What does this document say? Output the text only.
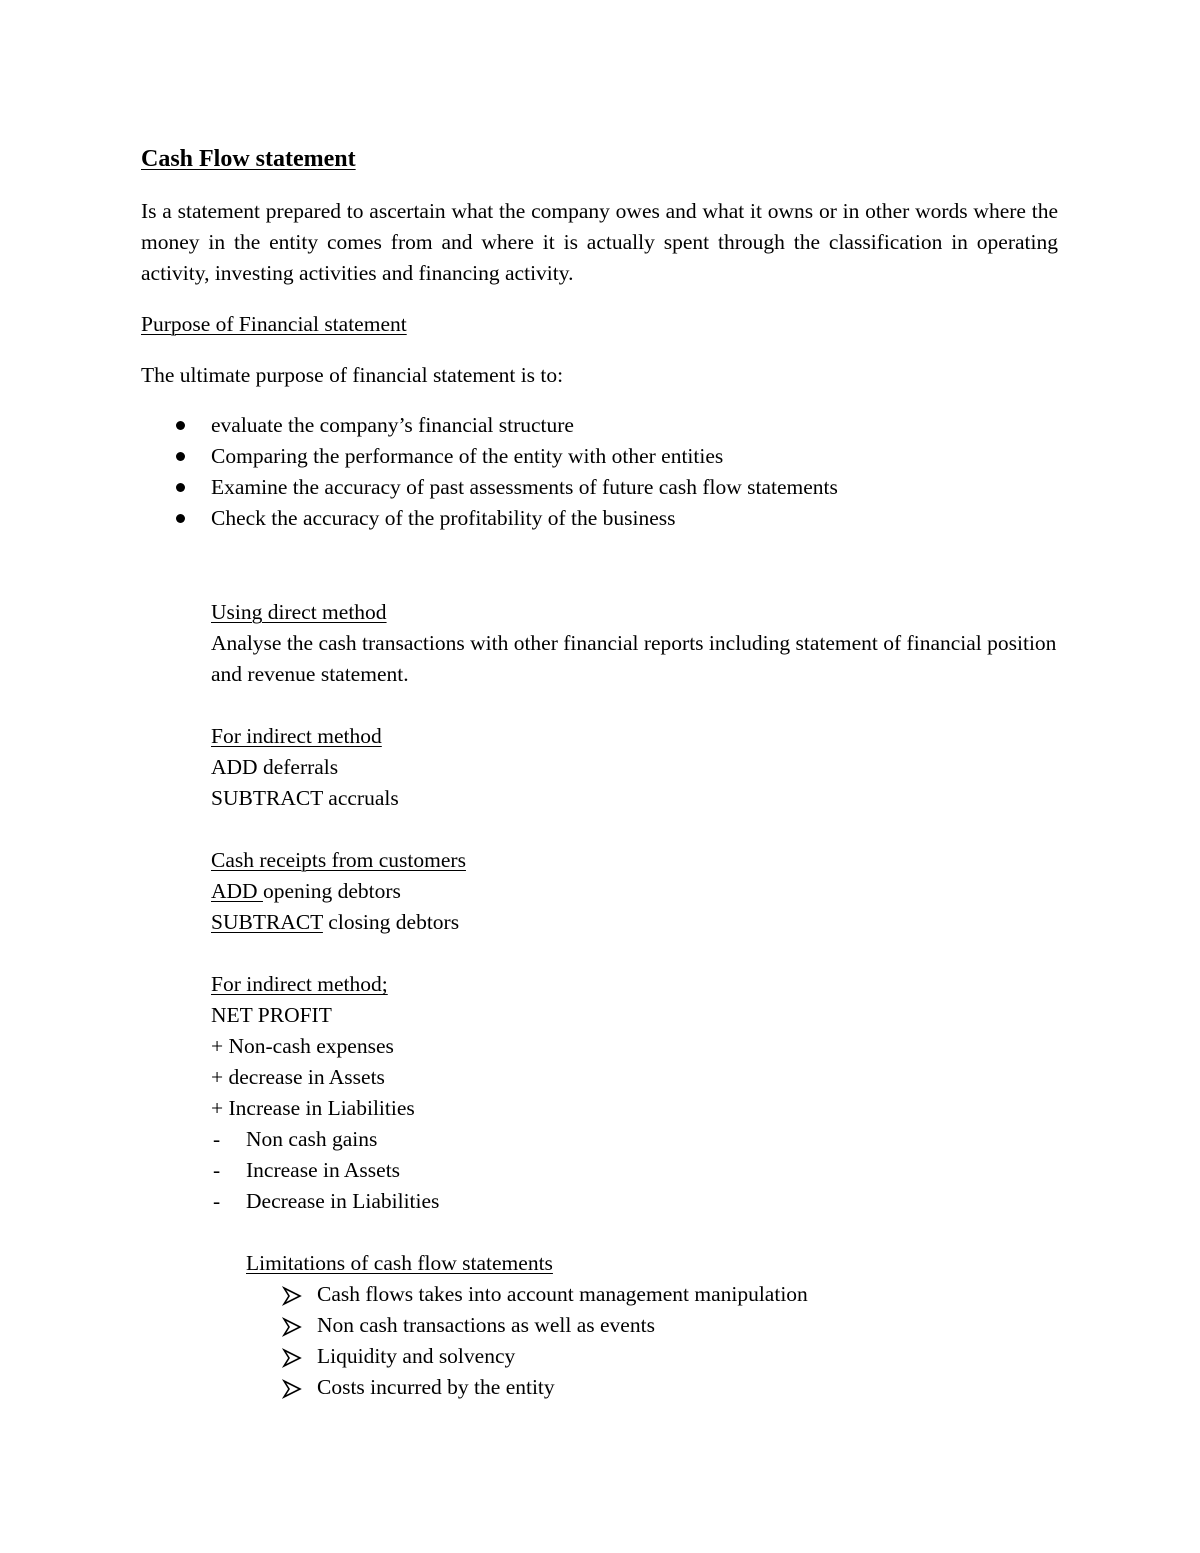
Cash Flow statement
Is a statement prepared to ascertain what the company owes and what it owns or in other words where the money in the entity comes from and where it is actually spent through the classification in operating activity, investing activities and financing activity.
Purpose of Financial statement
The ultimate purpose of financial statement is to:
evaluate the company’s financial structure
Comparing the performance of the entity with other entities
Examine the accuracy of past assessments of future cash flow statements
Check the accuracy of the profitability of the business
Using direct method
Analyse the cash transactions with other financial reports including statement of financial position and revenue statement.
For indirect method
ADD deferrals
SUBTRACT accruals
Cash receipts from customers
ADD opening debtors
SUBTRACT closing debtors
For indirect method;
NET PROFIT
+ Non-cash expenses
+ decrease in Assets
+ Increase in Liabilities
- Non cash gains
- Increase in Assets
- Decrease in Liabilities
Limitations of cash flow statements
Cash flows takes into account management manipulation
Non cash transactions as well as events
Liquidity and solvency
Costs incurred by the entity
